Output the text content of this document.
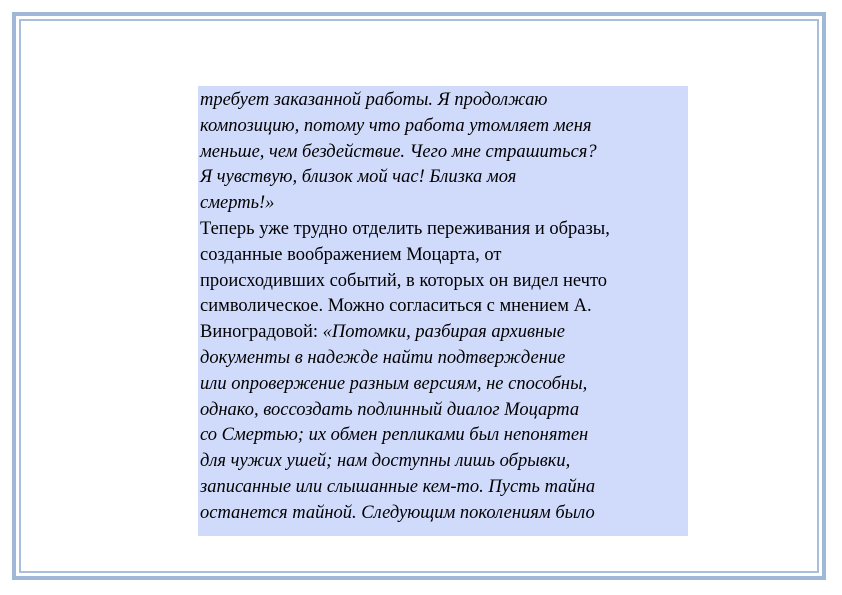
требует заказанной работы. Я продолжаю
композицию, потому что работа утомляет меня
меньше, чем бездействие. Чего мне страшиться?
Я чувствую, близок мой час! Близка моя
смерть!»
Теперь уже трудно отделить переживания и образы,
созданные воображением Моцарта, от
происходивших событий, в которых он видел нечто
символическое. Можно согласиться с мнением А.
Виноградовой: «Потомки, разбирая архивные
документы в надежде найти подтверждение
или опровержение разным версиям, не способны,
однако, воссоздать подлинный диалог Моцарта
со Смертью; их обмен репликами был непонятен
для чужих ушей; нам доступны лишь обрывки,
записанные или слышанные кем-то. Пусть тайна
останется тайной. Следующим поколениям было
